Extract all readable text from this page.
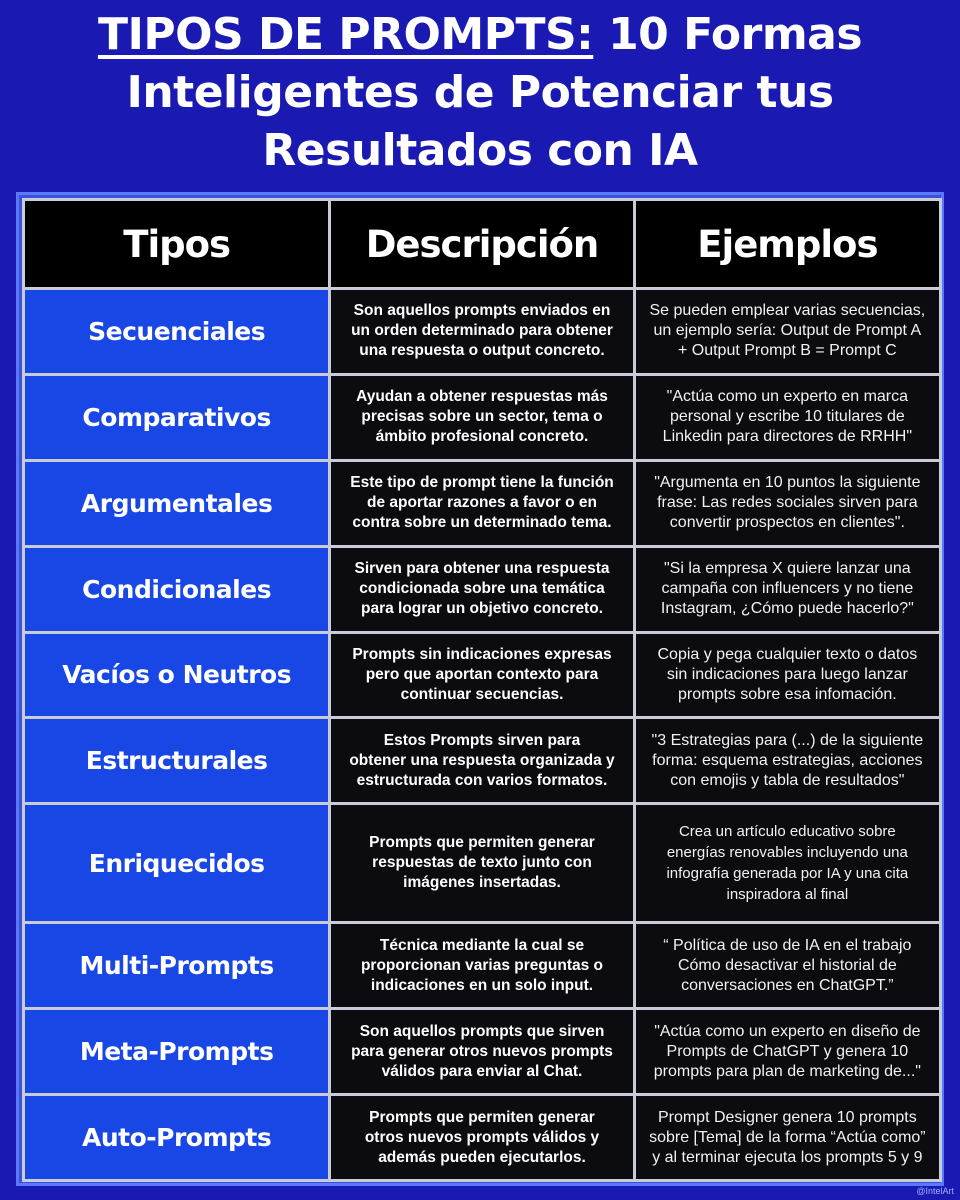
TIPOS DE PROMPTS: 10 Formas
Inteligentes de Potenciar tus
Resultados con IA
Tipos	Descripción	Ejemplos
Secuenciales	Son aquellos prompts enviados en
un orden determinado para obtener
una respuesta o output concreto.	Se pueden emplear varias secuencias,
un ejemplo sería: Output de Prompt A
+ Output Prompt B = Prompt C

Comparativos	Ayudan a obtener respuestas más
precisas sobre un sector, tema o
ámbito profesional concreto.	"Actúa como un experto en marca
personal y escribe 10 titulares de
Linkedin para directores de RRHH"

Argumentales	Este tipo de prompt tiene la función
de aportar razones a favor o en
contra sobre un determinado tema.	"Argumenta en 10 puntos la siguiente
frase: Las redes sociales sirven para
convertir prospectos en clientes".

Condicionales	Sirven para obtener una respuesta
condicionada sobre una temática
para lograr un objetivo concreto.	"Si la empresa X quiere lanzar una
campaña con influencers y no tiene
Instagram, ¿Cómo puede hacerlo?"

Vacíos o Neutros	Prompts sin indicaciones expresas
pero que aportan contexto para
continuar secuencias.	Copia y pega cualquier texto o datos
sin indicaciones para luego lanzar
prompts sobre esa infomación.

Estructurales	Estos Prompts sirven para
obtener una respuesta organizada y
estructurada con varios formatos.	"3 Estrategias para (...) de la siguiente
forma: esquema estrategias, acciones
con emojis y tabla de resultados"

Enriquecidos	Prompts que permiten generar
respuestas de texto junto con
imágenes insertadas.	Crea un artículo educativo sobre
energías renovables incluyendo una
infografía generada por IA y una cita
inspiradora al final

Multi-Prompts	Técnica mediante la cual se
proporcionan varias preguntas o
indicaciones en un solo input.	“ Política de uso de IA en el trabajo
Cómo desactivar el historial de
conversaciones en ChatGPT.”

Meta-Prompts	Son aquellos prompts que sirven
para generar otros nuevos prompts
válidos para enviar al Chat.	"Actúa como un experto en diseño de
Prompts de ChatGPT y genera 10
prompts para plan de marketing de..."

Auto-Prompts	Prompts que permiten generar
otros nuevos prompts válidos y
además pueden ejecutarlos.	Prompt Designer genera 10 prompts
sobre [Tema] de la forma “Actúa como”
y al terminar ejecuta los prompts 5 y 9
@IntelArt
